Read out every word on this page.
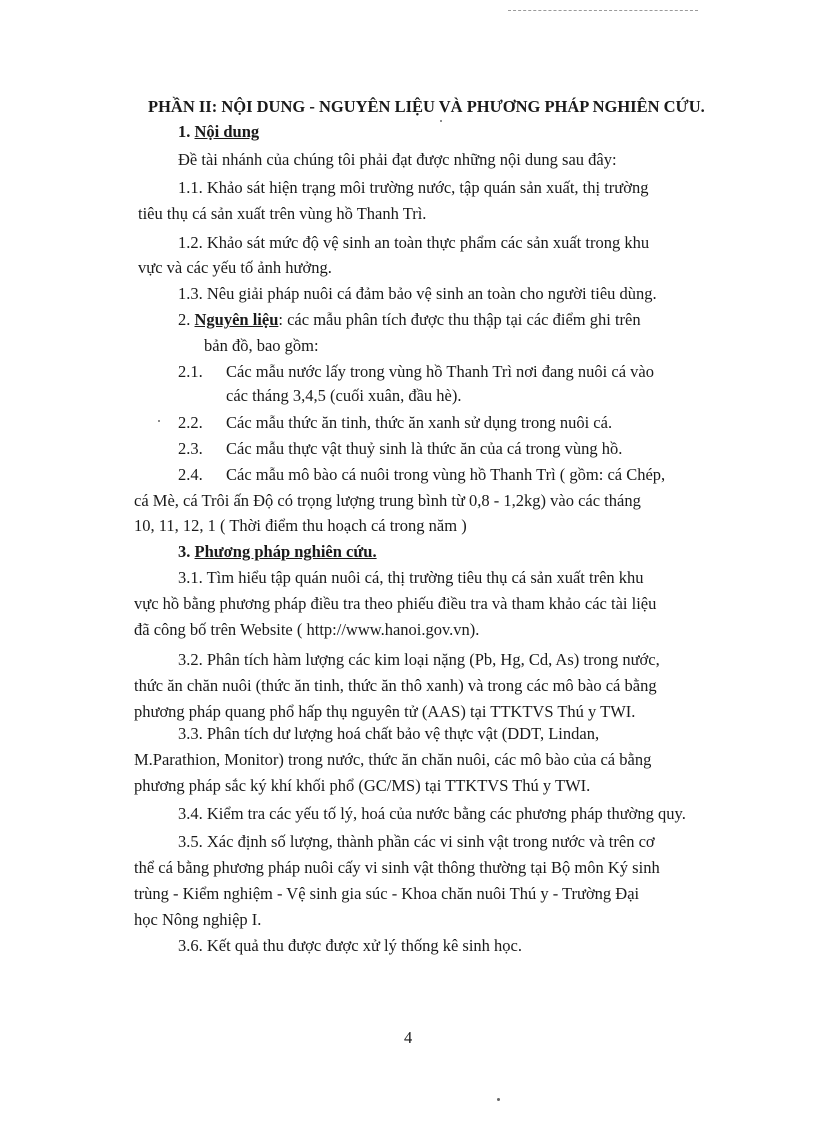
PHẦN II: NỘI DUNG - NGUYÊN LIỆU VÀ PHƯƠNG PHÁP NGHIÊN CỨU.
1. Nội dung
Đề tài nhánh của chúng tôi phải đạt được những nội dung sau đây:
1.1. Khảo sát hiện trạng môi trường nước, tập quán sản xuất, thị trường
tiêu thụ cá sản xuất trên vùng hồ Thanh Trì.
1.2. Khảo sát mức độ vệ sinh an toàn thực phẩm các sản xuất trong khu
vực và các yếu tố ảnh hưởng.
1.3. Nêu giải pháp nuôi cá đảm bảo vệ sinh an toàn cho người tiêu dùng.
2. Nguyên liệu: các mẫu phân tích được thu thập tại các điểm ghi trên
bản đồ, bao gồm:
2.1. Các mẫu nước lấy trong vùng hồ Thanh Trì nơi đang nuôi cá vào
các tháng 3,4,5 (cuối xuân, đầu hè).
2.2. Các mẫu thức ăn tinh, thức ăn xanh sử dụng trong nuôi cá.
2.3. Các mẫu thực vật thuỷ sinh là thức ăn của cá trong vùng hồ.
2.4. Các mẫu mô bào cá nuôi trong vùng hồ Thanh Trì ( gồm: cá Chép,
cá Mè, cá Trôi ấn Độ có trọng lượng trung bình từ 0,8 - 1,2kg) vào các tháng
10, 11, 12, 1 ( Thời điểm thu hoạch cá trong năm )
3. Phương pháp nghiên cứu.
3.1. Tìm hiểu tập quán nuôi cá, thị trường tiêu thụ cá sản xuất trên khu
vực hồ bằng phương pháp điều tra theo phiếu điều tra và tham khảo các tài liệu
đã công bố trên Website ( http://www.hanoi.gov.vn).
3.2. Phân tích hàm lượng các kim loại nặng (Pb, Hg, Cd, As) trong nước,
thức ăn chăn nuôi (thức ăn tinh, thức ăn thô xanh) và trong các mô bào cá bằng
phương pháp quang phổ hấp thụ nguyên tử (AAS) tại TTKTVS Thú y TWI.
3.3. Phân tích dư lượng hoá chất bảo vệ thực vật (DDT, Lindan,
M.Parathion, Monitor) trong nước, thức ăn chăn nuôi, các mô bào của cá bằng
phương pháp sắc ký khí khối phổ (GC/MS) tại TTKTVS Thú y TWI.
3.4. Kiểm tra các yếu tố lý, hoá của nước bằng các phương pháp thường quy.
3.5. Xác định số lượng, thành phần các vi sinh vật trong nước và trên cơ
thể cá bằng phương pháp nuôi cấy vi sinh vật thông thường tại Bộ môn Ký sinh
trùng - Kiểm nghiệm - Vệ sinh gia súc - Khoa chăn nuôi Thú y - Trường Đại
học Nông nghiệp I.
3.6. Kết quả thu được được xử lý thống kê sinh học.
4
